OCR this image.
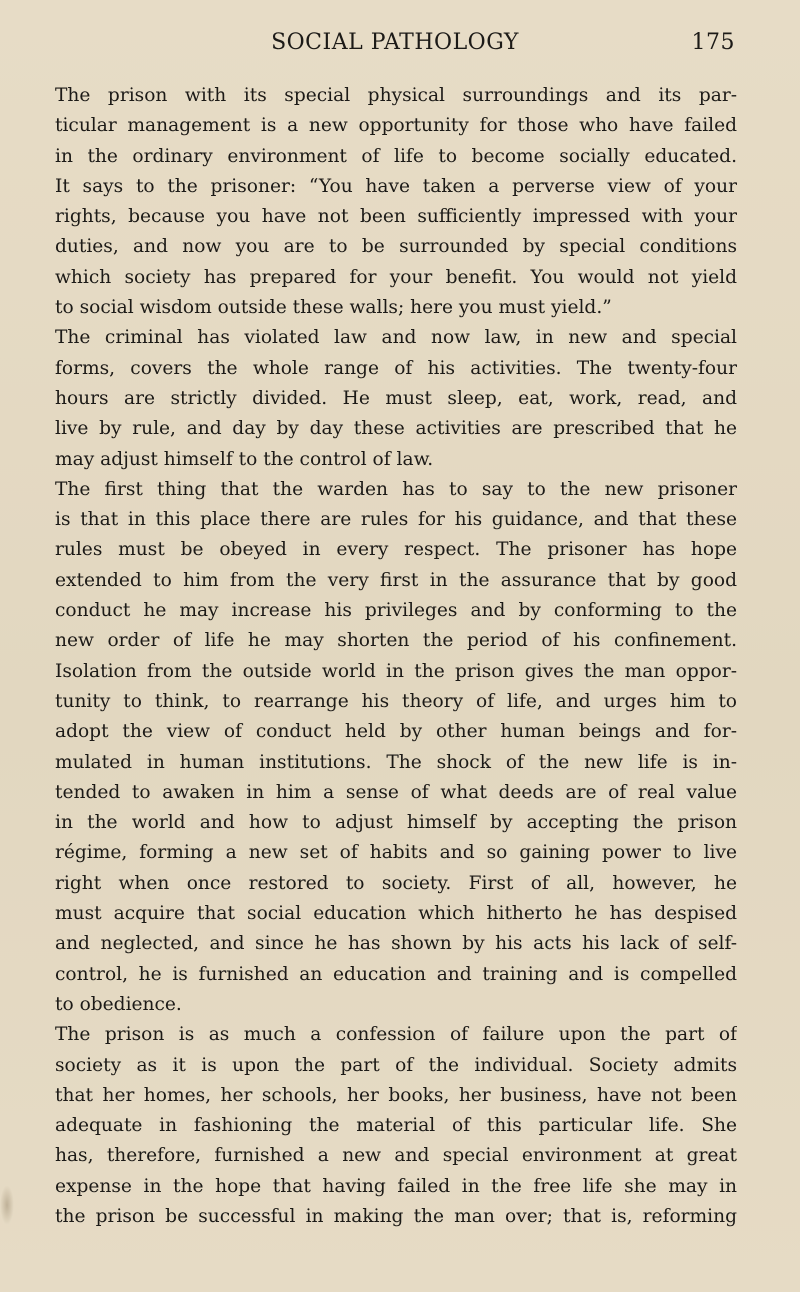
SOCIAL PATHOLOGY	175
The prison with its special physical surroundings and its par-
ticular management is a new opportunity for those who have failed
in the ordinary environment of life to become socially educated.
It says to the prisoner: “You have taken a perverse view of your
rights, because you have not been sufficiently impressed with your
duties, and now you are to be surrounded by special conditions
which society has prepared for your benefit. You would not yield
to social wisdom outside these walls; here you must yield.”
The criminal has violated law and now law, in new and special
forms, covers the whole range of his activities. The twenty-four
hours are strictly divided. He must sleep, eat, work, read, and
live by rule, and day by day these activities are prescribed that he
may adjust himself to the control of law.
The first thing that the warden has to say to the new prisoner
is that in this place there are rules for his guidance, and that these
rules must be obeyed in every respect. The prisoner has hope
extended to him from the very first in the assurance that by good
conduct he may increase his privileges and by conforming to the
new order of life he may shorten the period of his confinement.
Isolation from the outside world in the prison gives the man oppor-
tunity to think, to rearrange his theory of life, and urges him to
adopt the view of conduct held by other human beings and for-
mulated in human institutions. The shock of the new life is in-
tended to awaken in him a sense of what deeds are of real value
in the world and how to adjust himself by accepting the prison
régime, forming a new set of habits and so gaining power to live
right when once restored to society. First of all, however, he
must acquire that social education which hitherto he has despised
and neglected, and since he has shown by his acts his lack of self-
control, he is furnished an education and training and is compelled
to obedience.
The prison is as much a confession of failure upon the part of
society as it is upon the part of the individual. Society admits
that her homes, her schools, her books, her business, have not been
adequate in fashioning the material of this particular life. She
has, therefore, furnished a new and special environment at great
expense in the hope that having failed in the free life she may in
the prison be successful in making the man over; that is, reforming
